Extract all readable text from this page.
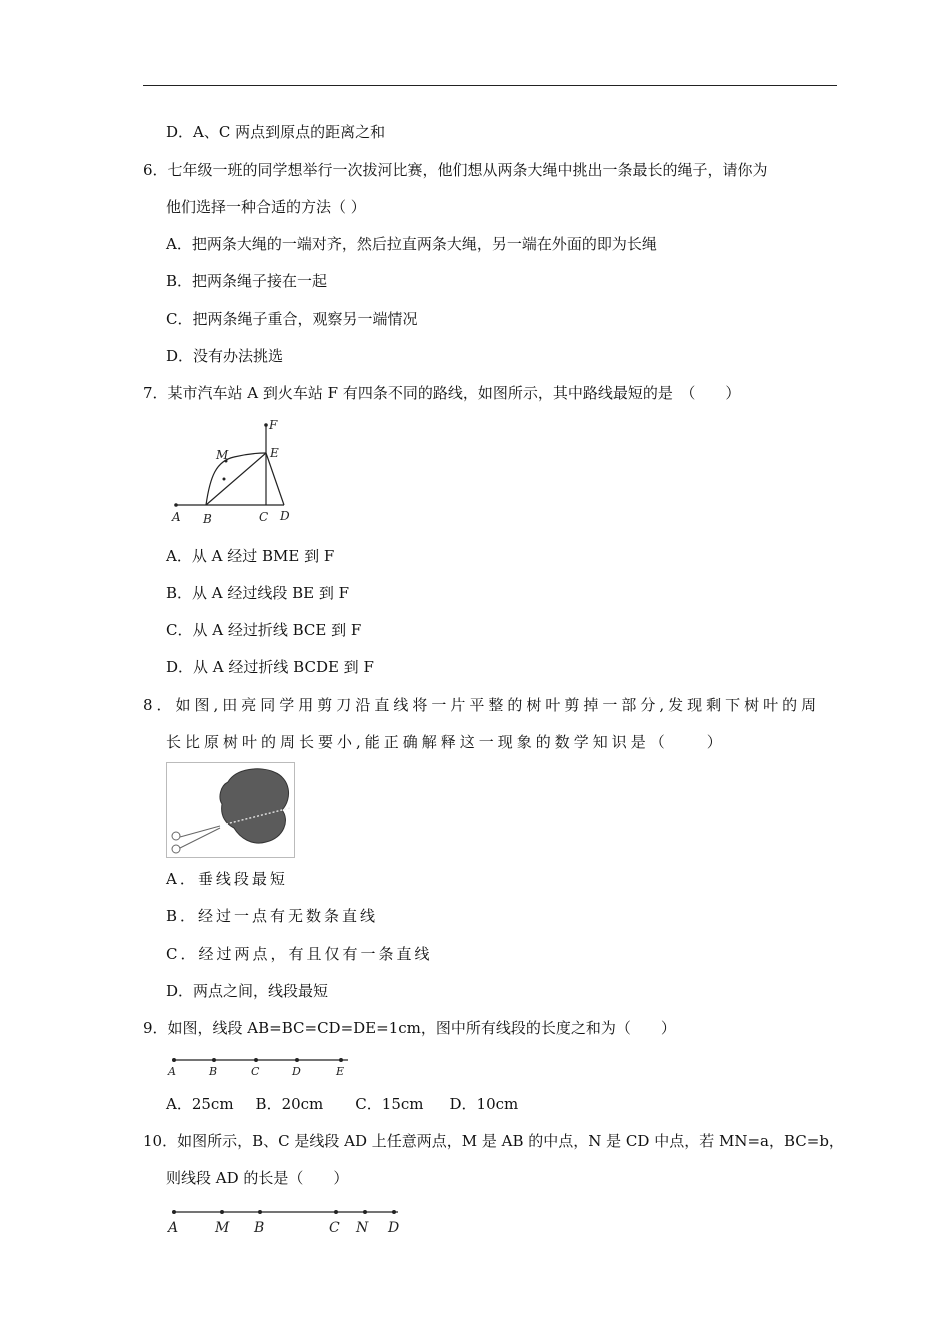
D．A、C 两点到原点的距离之和
6．七年级一班的同学想举行一次拔河比赛，他们想从两条大绳中挑出一条最长的绳子，请你为
他们选择一种合适的方法（ ）
A．把两条大绳的一端对齐，然后拉直两条大绳，另一端在外面的即为长绳
B．把两条绳子接在一起
C．把两条绳子重合，观察另一端情况
D．没有办法挑选
7．某市汽车站 A 到火车站 F 有四条不同的路线，如图所示，其中路线最短的是　（　　）
A B	C D
E
F
M
A．从 A 经过 BME 到 F
B．从 A 经过线段 BE 到 F
C．从 A 经过折线 BCE 到 F
D．从 A 经过折线 BCDE 到 F
8．如图,田亮同学用剪刀沿直线将一片平整的树叶剪掉一部分,发现剩下树叶的周
长比原树叶的周长要小,能正确解释这一现象的数学知识是（　　）
A．垂线段最短
B．经过一点有无数条直线
C．经过两点，有且仅有一条直线
D．两点之间，线段最短
9．如图，线段 AB=BC=CD=DE=1cm，图中所有线段的长度之和为（　　）
A	B	C	D	E
A．25cm B．20cm C．15cm D．10cm
10．如图所示，B、C 是线段 AD 上任意两点，M 是 AB 的中点，N 是 CD 中点，若 MN=a，BC=b，
则线段 AD 的长是（　　）
A	M B	C N D
